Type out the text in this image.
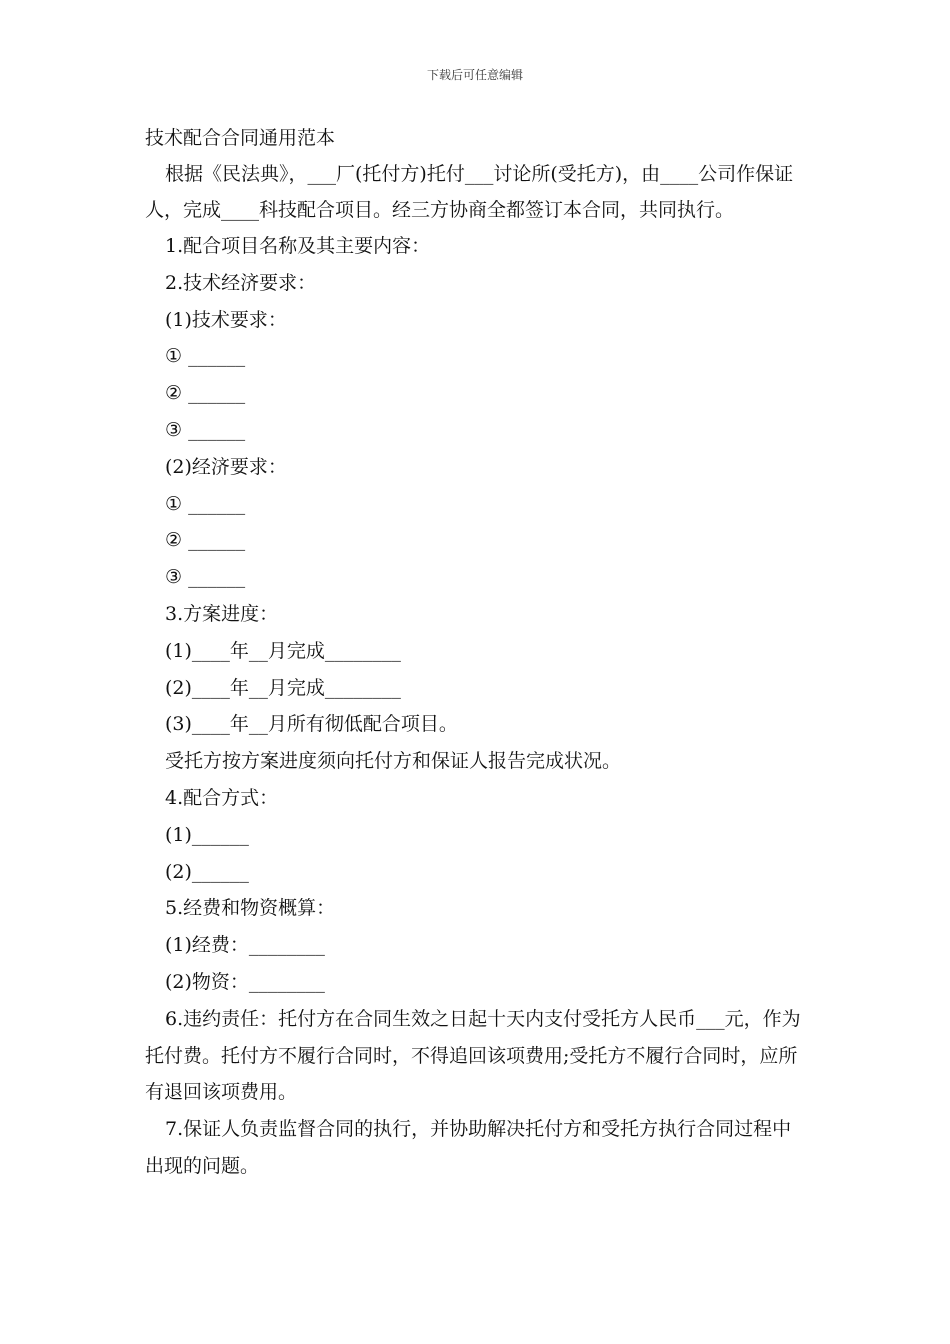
下载后可任意编辑

技术配合合同通用范本

根据《民法典》，___厂(托付方)托付___讨论所(受托方)，由____公司作保证人，完成____科技配合项目。经三方协商全都签订本合同，共同执行。

1.配合项目名称及其主要内容：
2.技术经济要求：
(1)技术要求：
① ______
② ______
③ ______
(2)经济要求：
① ______
② ______
③ ______
3.方案进度：
(1)____年__月完成________
(2)____年__月完成________
(3)____年__月所有彻低配合项目。
受托方按方案进度须向托付方和保证人报告完成状况。
4.配合方式：
(1)______
(2)______
5.经费和物资概算：
(1)经费：________
(2)物资：________

6.违约责任：托付方在合同生效之日起十天内支付受托方人民币___元，作为托付费。托付方不履行合同时，不得追回该项费用;受托方不履行合同时，应所有退回该项费用。

7.保证人负责监督合同的执行，并协助解决托付方和受托方执行合同过程中出现的问题。
